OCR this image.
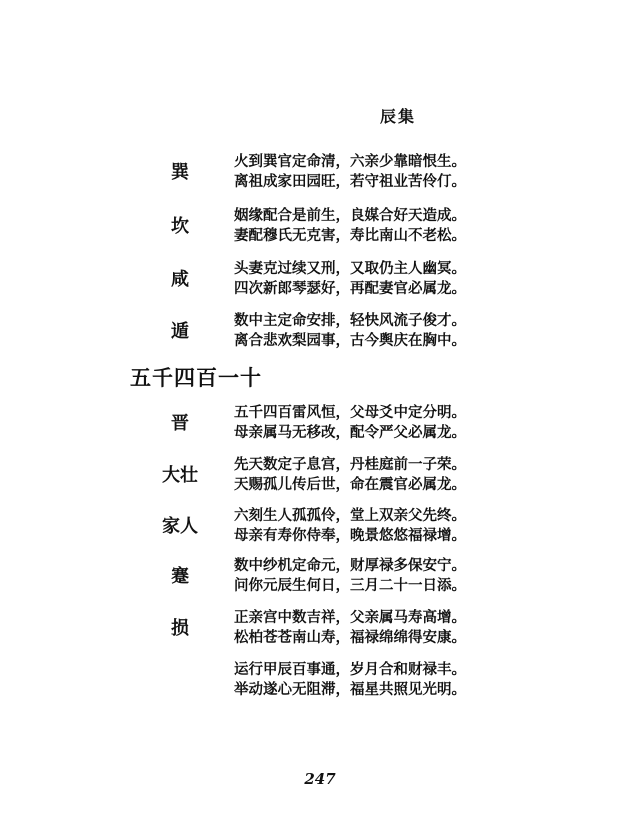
辰集
巽
火到巽官定命清，六亲少靠暗恨生。
离祖成家田园旺，若守祖业苦伶仃。
坎
姻缘配合是前生，良媒合好天造成。
妻配穆氏无克害，寿比南山不老松。
咸
头妻克过续又刑，又取仍主人幽冥。
四次新郎琴瑟好，再配妻官必属龙。
遁
数中主定命安排，轻快风流子俊才。
离合悲欢梨园事，古今舆庆在胸中。
五千四百一十
晋
五千四百雷风恒，父母爻中定分明。
母亲属马无移改，配令严父必属龙。
大壮
先天数定子息宫，丹桂庭前一子荣。
天赐孤儿传后世，命在震官必属龙。
家人
六刻生人孤孤伶，堂上双亲父先终。
母亲有寿你侍奉，晚景悠悠福禄增。
蹇
数中纱机定命元，财厚禄多保安宁。
问你元辰生何日，三月二十一日添。
损
正亲宫中数吉祥，父亲属马寿高增。
松柏苍苍南山寿，福禄绵绵得安康。
运行甲辰百事通，岁月合和财禄丰。
举动遂心无阻滞，福星共照见光明。
247
